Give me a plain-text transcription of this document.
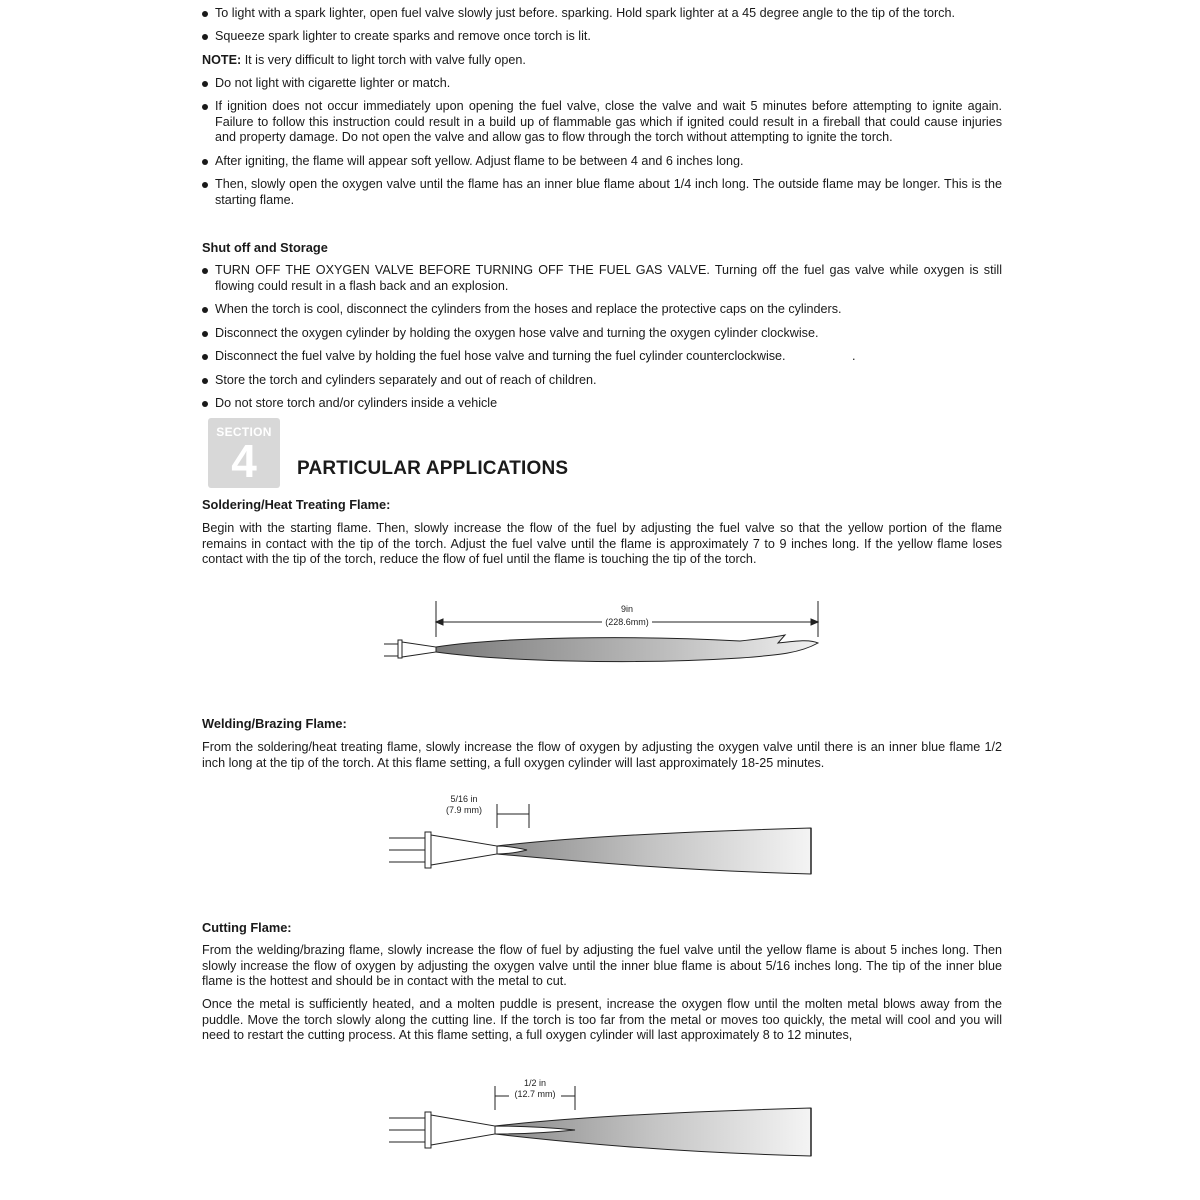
To light with a spark lighter, open fuel valve slowly just before. sparking. Hold spark lighter at a 45 degree angle to the tip of the torch.
Squeeze spark lighter to create sparks and remove once torch is lit.
NOTE: It is very difficult to light torch with valve fully open.
Do not light with cigarette lighter or match.
If ignition does not occur immediately upon opening the fuel valve, close the valve and wait 5 minutes before attempting to ignite again. Failure to follow this instruction could result in a build up of flammable gas which if ignited could result in a fireball that could cause injuries and property damage. Do not open the valve and allow gas to flow through the torch without attempting to ignite the torch.
After igniting, the flame will appear soft yellow. Adjust flame to be between 4 and 6 inches long.
Then, slowly open the oxygen valve until the flame has an inner blue flame about 1/4 inch long. The outside flame may be longer. This is the starting flame.
Shut off and Storage
TURN OFF THE OXYGEN VALVE BEFORE TURNING OFF THE FUEL GAS VALVE. Turning off the fuel gas valve while oxygen is still flowing could result in a flash back and an explosion.
When the torch is cool, disconnect the cylinders from the hoses and replace the protective caps on the cylinders.
Disconnect the oxygen cylinder by holding the oxygen hose valve and turning the oxygen cylinder clockwise.
Disconnect the fuel valve by holding the fuel hose valve and turning the fuel cylinder counterclockwise.	.
Store the torch and cylinders separately and out of reach of children.
Do not store torch and/or cylinders inside a vehicle
SECTION
4	PARTICULAR APPLICATIONS
Soldering/Heat Treating Flame:
Begin with the starting flame. Then, slowly increase the flow of the fuel by adjusting the fuel valve so that the yellow portion of the flame remains in contact with the tip of the torch. Adjust the fuel valve until the flame is approximately 7 to 9 inches long. If the yellow flame loses contact with the tip of the torch, reduce the flow of fuel until the flame is touching the tip of the torch.
9in
(228.6mm)
Welding/Brazing Flame:
From the soldering/heat treating flame, slowly increase the flow of oxygen by adjusting the oxygen valve until there is an inner blue flame 1/2 inch long at the tip of the torch. At this flame setting, a full oxygen cylinder will last approximately 18-25 minutes.
5/16 in
(7.9 mm)
Cutting Flame:
From the welding/brazing flame, slowly increase the flow of fuel by adjusting the fuel valve until the yellow flame is about 5 inches long. Then slowly increase the flow of oxygen by adjusting the oxygen valve until the inner blue flame is about 5/16 inches long. The tip of the inner blue flame is the hottest and should be in contact with the metal to cut.
Once the metal is sufficiently heated, and a molten puddle is present, increase the oxygen flow until the molten metal blows away from the puddle. Move the torch slowly along the cutting line. If the torch is too far from the metal or moves too quickly, the metal will cool and you will need to restart the cutting process. At this flame setting, a full oxygen cylinder will last approximately 8 to 12 minutes,
1/2 in
(12.7 mm)
